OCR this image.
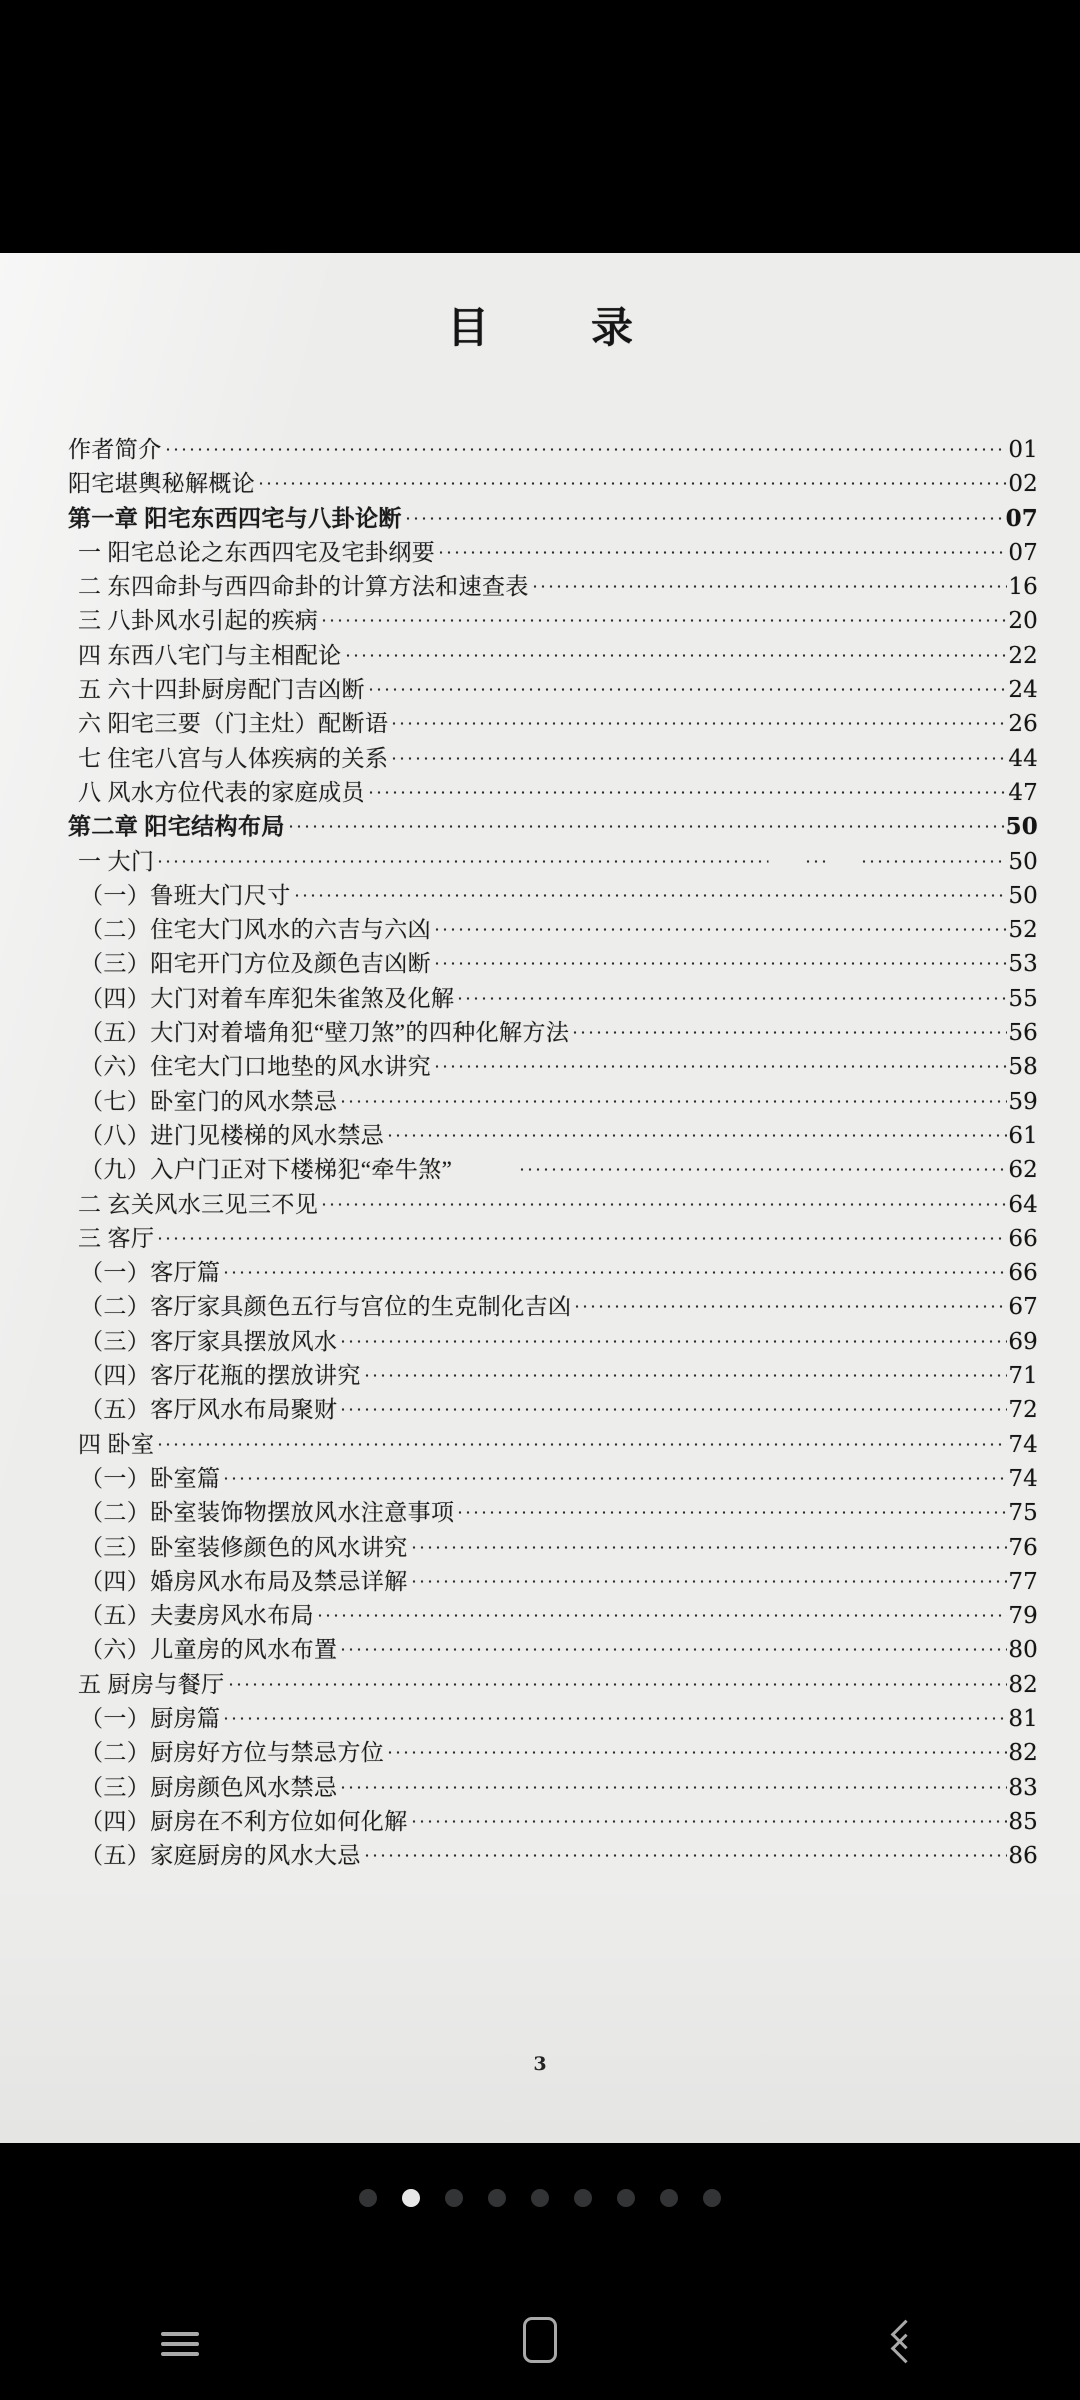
目　录
作者简介	01
阳宅堪輿秘解概论	02
第一章 阳宅东西四宅与八卦论断	07
一 阳宅总论之东西四宅及宅卦纲要	07
二 东四命卦与西四命卦的计算方法和速查表	16
三 八卦风水引起的疾病	20
四 东西八宅门与主相配论	22
五 六十四卦厨房配门吉凶断	24
六 阳宅三要（门主灶）配断语	26
七 住宅八宫与人体疾病的关系	44
八 风水方位代表的家庭成员	47
第二章 阳宅结构布局	50
一 大门	50
（一）鲁班大门尺寸	50
（二）住宅大门风水的六吉与六凶	52
（三）阳宅开门方位及颜色吉凶断	53
（四）大门对着车库犯朱雀煞及化解	55
（五）大门对着墙角犯“壁刀煞”的四种化解方法	56
（六）住宅大门口地垫的风水讲究	58
（七）卧室门的风水禁忌	59
（八）进门见楼梯的风水禁忌	61
（九）入户门正对下楼梯犯“牵牛煞”	62
二 玄关风水三见三不见	64
三 客厅	66
（一）客厅篇	66
（二）客厅家具颜色五行与宫位的生克制化吉凶	67
（三）客厅家具摆放风水	69
（四）客厅花瓶的摆放讲究	71
（五）客厅风水布局聚财	72
四 卧室	74
（一）卧室篇	74
（二）卧室装饰物摆放风水注意事项	75
（三）卧室装修颜色的风水讲究	76
（四）婚房风水布局及禁忌详解	77
（五）夫妻房风水布局	79
（六）儿童房的风水布置	80
五 厨房与餐厅	82
（一）厨房篇	81
（二）厨房好方位与禁忌方位	82
（三）厨房颜色风水禁忌	83
（四）厨房在不利方位如何化解	85
（五）家庭厨房的风水大忌	86
3
